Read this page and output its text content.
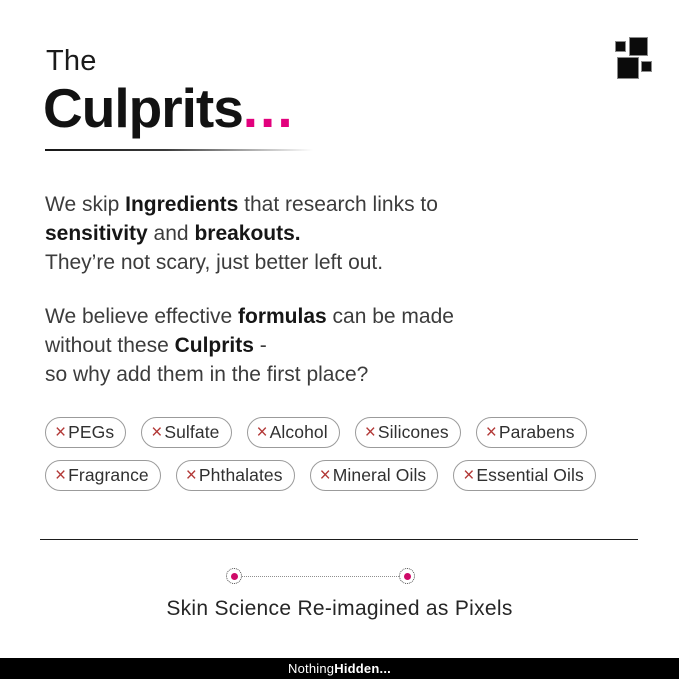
The
Culprits...
We skip Ingredients that research links to
sensitivity and breakouts.
They’re not scary, just better left out.
We believe effective formulas can be made
without these Culprits -
so why add them in the first place?
× PEGs × Sulfate × Alcohol × Silicones × Parabens
× Fragrance × Phthalates × Mineral Oils × Essential Oils
Skin Science Re-imagined as Pixels
Nothing Hidden...
